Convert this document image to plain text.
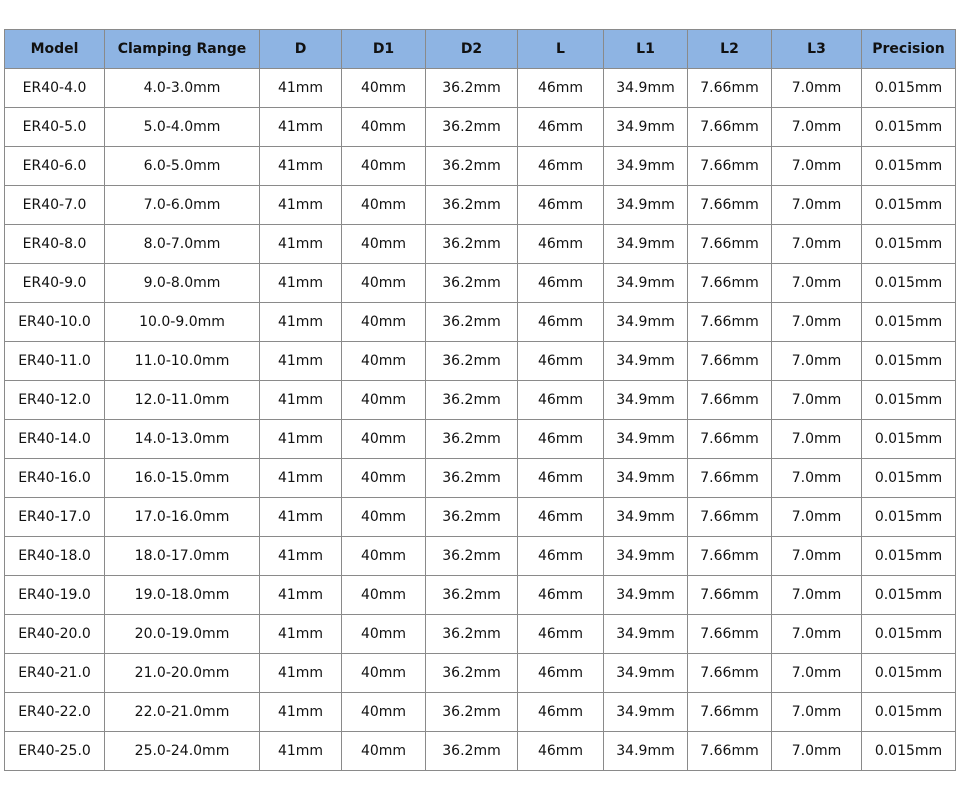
Model	Clamping Range	D	D1	D2	L	L1	L2	L3	Precision
ER40-4.0	4.0-3.0mm	41mm	40mm	36.2mm	46mm	34.9mm	7.66mm	7.0mm	0.015mm
ER40-5.0	5.0-4.0mm	41mm	40mm	36.2mm	46mm	34.9mm	7.66mm	7.0mm	0.015mm
ER40-6.0	6.0-5.0mm	41mm	40mm	36.2mm	46mm	34.9mm	7.66mm	7.0mm	0.015mm
ER40-7.0	7.0-6.0mm	41mm	40mm	36.2mm	46mm	34.9mm	7.66mm	7.0mm	0.015mm
ER40-8.0	8.0-7.0mm	41mm	40mm	36.2mm	46mm	34.9mm	7.66mm	7.0mm	0.015mm
ER40-9.0	9.0-8.0mm	41mm	40mm	36.2mm	46mm	34.9mm	7.66mm	7.0mm	0.015mm
ER40-10.0	10.0-9.0mm	41mm	40mm	36.2mm	46mm	34.9mm	7.66mm	7.0mm	0.015mm
ER40-11.0	11.0-10.0mm	41mm	40mm	36.2mm	46mm	34.9mm	7.66mm	7.0mm	0.015mm
ER40-12.0	12.0-11.0mm	41mm	40mm	36.2mm	46mm	34.9mm	7.66mm	7.0mm	0.015mm
ER40-14.0	14.0-13.0mm	41mm	40mm	36.2mm	46mm	34.9mm	7.66mm	7.0mm	0.015mm
ER40-16.0	16.0-15.0mm	41mm	40mm	36.2mm	46mm	34.9mm	7.66mm	7.0mm	0.015mm
ER40-17.0	17.0-16.0mm	41mm	40mm	36.2mm	46mm	34.9mm	7.66mm	7.0mm	0.015mm
ER40-18.0	18.0-17.0mm	41mm	40mm	36.2mm	46mm	34.9mm	7.66mm	7.0mm	0.015mm
ER40-19.0	19.0-18.0mm	41mm	40mm	36.2mm	46mm	34.9mm	7.66mm	7.0mm	0.015mm
ER40-20.0	20.0-19.0mm	41mm	40mm	36.2mm	46mm	34.9mm	7.66mm	7.0mm	0.015mm
ER40-21.0	21.0-20.0mm	41mm	40mm	36.2mm	46mm	34.9mm	7.66mm	7.0mm	0.015mm
ER40-22.0	22.0-21.0mm	41mm	40mm	36.2mm	46mm	34.9mm	7.66mm	7.0mm	0.015mm
ER40-25.0	25.0-24.0mm	41mm	40mm	36.2mm	46mm	34.9mm	7.66mm	7.0mm	0.015mm
